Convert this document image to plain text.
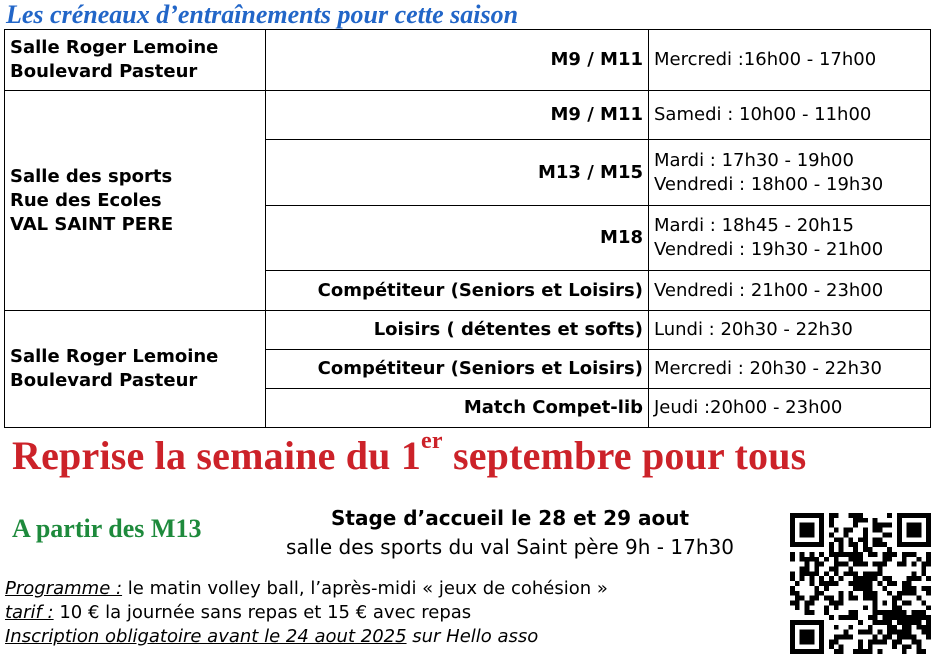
Les créneaux d’entraînements pour cette saison
Salle Roger Lemoine
Boulevard Pasteur	M9 / M11	Mercredi :16h00 - 17h00

Salle des sports
Rue des Ecoles
VAL SAINT PERE	M9 / M11	Samedi : 10h00 - 11h00

	M13 / M15	Mardi : 17h30 - 19h00
Vendredi : 18h00 - 19h30

	M18	Mardi : 18h45 - 20h15
Vendredi : 19h30 - 21h00

	Compétiteur (Seniors et Loisirs)	Vendredi : 21h00 - 23h00

Salle Roger Lemoine
Boulevard Pasteur	Loisirs ( détentes et softs)	Lundi : 20h30 - 22h30

	Compétiteur (Seniors et Loisirs)	Mercredi : 20h30 - 22h30

	Match Compet-lib	Jeudi :20h00 - 23h00
Reprise la semaine du 1er septembre pour tous
A partir des M13	Stage d’accueil le 28 et 29 aout
salle des sports du val Saint père 9h - 17h30
Programme : le matin volley ball, l’après-midi « jeux de cohésion »
tarif : 10 € la journée sans repas et 15 € avec repas
Inscription obligatoire avant le 24 aout 2025 sur Hello asso
